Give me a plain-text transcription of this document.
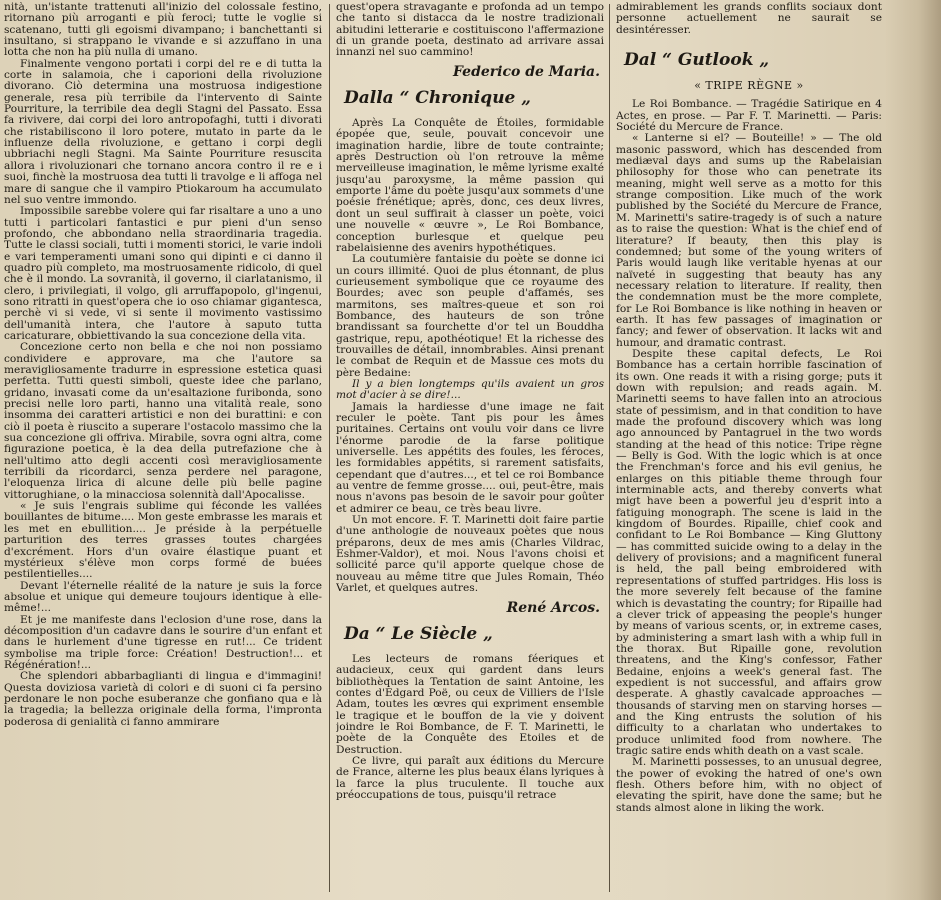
nità, un'istante trattenuti all'inizio del colossale festino, ritornano più arroganti e più feroci; tutte le voglie si scatenano, tutti gli egoismi divampano; i banchettanti si insultano, si strappano le vivande e si azzuffano in una lotta che non ha più nulla di umano.

Finalmente vengono portati i corpi del re e di tutta la corte in salamoia, che i caporioni della rivoluzione divorano. Ciò determina una mostruosa indigestione generale, resa più terribile da l'intervento di Sainte Pourriture, la terribile dea degli Stagni del Passato. Essa fa rivivere, dai corpi dei loro antropofaghi, tutti i divorati che ristabiliscono il loro potere, mutato in parte da le influenze della rivoluzione, e gettano i corpi degli ubbriachi negli Stagni. Ma Sainte Pourriture resuscita allora i rivoluzionari che tornano ancora contro il re e i suoi, finchè la mostruosa dea tutti li travolge e li affoga nel mare di sangue che il vampiro Ptiokaroum ha accumulato nel suo ventre immondo.

Impossibile sarebbe volere qui far risaltare a uno a uno tutti i particolari fantastici e pur pieni d'un senso profondo, che abbondano nella straordinaria tragedia. Tutte le classi sociali, tutti i momenti storici, le varie indoli e vari temperamenti umani sono qui dipinti e ci danno il quadro più completo, ma mostruosamente ridicolo, di quel che è il mondo. La sovranità, il governo, il ciarlatanismo, il clero, i privilegiati, il volgo, gli arruffapopolo, gl'ingenui, sono ritratti in quest'opera che io oso chiamar gigantesca, perchè vi si vede, vi si sente il movimento vastissimo dell'umanità intera, che l'autore à saputo tutta caricaturare, obbiettivando la sua concezione della vita.

Concezione certo non bella e che noi non possiamo condividere e approvare, ma che l'autore sa meravigliosamente tradurre in espressione estetica quasi perfetta. Tutti questi simboli, queste idee che parlano, gridano, invasati come da un'esaltazione furibonda, sono precisi nelle loro parti, hanno una vitalità reale, sono insomma dei caratteri artistici e non dei burattini: e con ciò il poeta è riuscito a superare l'ostacolo massimo che la sua concezione gli offriva. Mirabile, sovra ogni altra, come figurazione poetica, è la dea della putrefazione che à nell'ultimo atto degli accenti così meravigliosamente terribili da ricordarci, senza perdere nel paragone, l'eloquenza lirica di alcune delle più belle pagine vittorughiane, o la minacciosa solennità dall'Apocalisse.

« Je suis l'engrais sublime qui féconde les vallées bouillantes de bitume.... Mon geste embrasse les marais et les met en ebullition.... Je préside à la perpétuelle parturition des terres grasses toutes chargées d'excrément. Hors d'un ovaire élastique puant et mystérieux s'élève mon corps formé de buées pestilentielles....

Devant l'éternelle réalité de la nature je suis la force absolue et unique qui demeure toujours identique à elle-même!...

Et je me manifeste dans l'eclosion d'une rose, dans la décomposition d'un cadavre dans le sourire d'un enfant et dans le hurlement d'une tigresse en rut!... Ce trident symbolise ma triple force: Création! Destruction!... et Régénération!...

Che splendori abbarbaglianti di lingua e d'immagini! Questa doviziosa varietà di colori e di suoni ci fa persino perdonare le non poche esuberanze che gonfiano qua e là la tragedia; la bellezza originale della forma, l'impronta poderosa di genialità ci fanno ammirare

quest'opera stravagante e profonda ad un tempo che tanto si distacca da le nostre tradizionali abitudini letterarie e costituiscono l'affermazione di un grande poeta, destinato ad arrivare assai innanzi nel suo cammino!

Federico de Maria.
Dalla “ Chronique „

Après La Conquête de Étoiles, formidable épopée que, seule, pouvait concevoir une imagination hardie, libre de toute contrainte; après Destruction où l'on retrouve la même merveilleuse imagination, le même lyrisme exalté jusqu'au paroxysme, la même passion qui emporte l'âme du poète jusqu'aux sommets d'une poésie frénétique; après, donc, ces deux livres, dont un seul suffirait à classer un poète, voici une nouvelle « œuvre », Le Roi Bombance, conception burlesque et quelque peu rabelaisienne des avenirs hypothétiques.

La coutumière fantaisie du poète se donne ici un cours illimité. Quoi de plus étonnant, de plus curieusement symbolique que ce royaume des Bourdes; avec son peuple d'affamés, ses marmitons, ses maîtres-queue et son roi Bombance, des hauteurs de son trône brandissant sa fourchette d'or tel un Bouddha gastrique, repu, apothéotique! Et la richesse des trouvailles de détail, innombrables. Ainsi prenant le combat de Requin et de Massue ces mots du père Bedaine:

Il y a bien longtemps qu'ils avaient un gros mot d'acier à se dire!...

Jamais la hardiesse d'une image ne fait reculer le poète. Tant pis pour les âmes puritaines. Certains ont voulu voir dans ce livre l'énorme parodie de la farse politique universelle. Les appétits des foules, les féroces, les formidables appétits, si rarement satisfaits, cependant que d'autres..., et tel ce roi Bombance au ventre de femme grosse.... oui, peut-être, mais nous n'avons pas besoin de le savoir pour goûter et admirer ce beau, ce très beau livre.

Un mot encore. F. T. Marinetti doit faire partie d'une anthologie de nouveaux poètes que nous préparons, deux de mes amis (Charles Vildrac, Eshmer-Valdor), et moi. Nous l'avons choisi et sollicité parce qu'il apporte quelque chose de nouveau au même titre que Jules Romain, Théo Varlet, et quelques autres.

René Arcos.
Da “ Le Siècle „

Les lecteurs de romans féeriques et audacieux, ceux qui gardent dans leurs bibliothèques la Tentation de saint Antoine, les contes d'Edgard Poë, ou ceux de Villiers de l'Isle Adam, toutes les œvres qui expriment ensemble le tragique et le bouffon de la vie y doivent joindre le Roi Bombance, de F. T. Marinetti, le poète de la Conquête des Etoiles et de Destruction.

Ce livre, qui paraît aux éditions du Mercure de France, alterne les plus beaux élans lyriques à la farce la plus truculente. Il touche aux préoccupations de tous, puisqu'il retrace

admirablement les grands conflits sociaux dont personne actuellement ne saurait se desintéresser.

Dal “ Gutlook „
« TRIPE RÈGNE »

Le Roi Bombance. — Tragédie Satirique en 4 Actes, en prose. — Par F. T. Marinetti. — Paris: Société du Mercure de France.

« Lanterne si el? — Bouteille! » — The old masonic password, which has descended from mediæval days and sums up the Rabelaisian philosophy for those who can penetrate its meaning, might well serve as a motto for this strange composition. Like much of the work published by the Société du Mercure de France, M. Marinetti's satire-tragedy is of such a nature as to raise the question: What is the chief end of literature? If beauty, then this play is condemned; but some of the young writers of Paris would laugh like veritable hyenas at our naïveté in suggesting that beauty has any necessary relation to literature. If reality, then the condemnation must be the more complete, for Le Roi Bombance is like nothing in heaven or earth. It has few passages of imagination or fancy; and fewer of observation. It lacks wit and humour, and dramatic contrast.

Despite these capital defects, Le Roi Bombance has a certain horrible fascination of its own. One reads it with a rising gorge; puts it down with repulsion; and reads again. M. Marinetti seems to have fallen into an atrocious state of pessimism, and in that condition to have made the profound discovery which was long ago announced by Pantagruel in the two words standing at the head of this notice: Tripe règne — Belly is God. With the logic which is at once the Frenchman's force and his evil genius, he enlarges on this pitiable theme through four interminable acts, and thereby converts what migt have been a powerful jeu d'esprit into a fatiguing monograph. The scene is laid in the kingdom of Bourdes. Ripaille, chief cook and confidant to Le Roi Bombance — King Gluttony — has committed suicide owing to a delay in the delivery of provisions; and a magnificent funeral is held, the pall being embroidered with representations of stuffed partridges. His loss is the more severely felt because of the famine which is devastating the country; for Ripaille had a clever trick of appeasing the people's hunger by means of various scents, or, in extreme cases, by administering a smart lash with a whip full in the thorax. But Ripaille gone, revolution threatens, and the King's confessor, Father Bedaine, enjoins a week's general fast. The expedient is not successful, and affairs grow desperate. A ghastly cavalcade approaches — thousands of starving men on starving horses — and the King entrusts the solution of his difficulty to a charlatan who undertakes to produce unlimited food from nowhere. The tragic satire ends whith death on a vast scale.

M. Marinetti possesses, to an unusual degree, the power of evoking the hatred of one's own flesh. Others before him, with no object of elevating the spirit, have done the same; but he stands almost alone in liking the work.
